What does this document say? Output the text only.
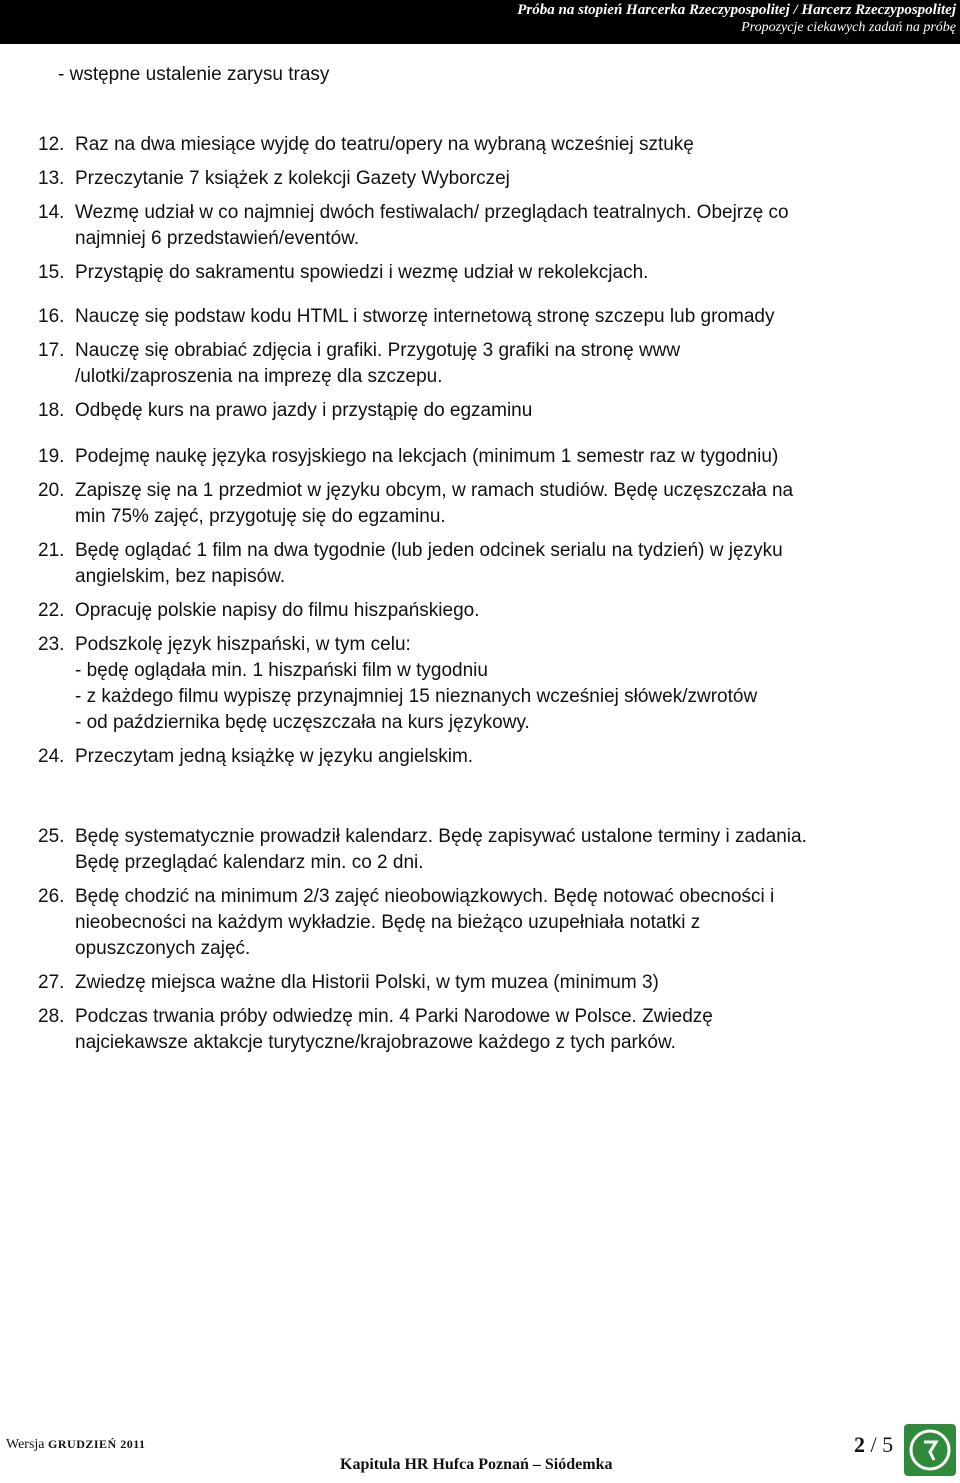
Próba na stopień Harcerka Rzeczypospolitej / Harcerz Rzeczypospolitej
Propozycje ciekawych zadań na próbę
- wstępne ustalenie zarysu trasy
12. Raz na dwa miesiące wyjdę do teatru/opery na wybraną wcześniej sztukę
13. Przeczytanie 7 książek z kolekcji Gazety Wyborczej
14. Wezmę udział w co najmniej dwóch festiwalach/ przeglądach teatralnych. Obejrzę co
najmniej 6 przedstawień/eventów.
15. Przystąpię do sakramentu spowiedzi i wezmę udział w rekolekcjach.
16. Nauczę się podstaw kodu HTML i stworzę internetową stronę szczepu lub gromady
17. Nauczę się obrabiać zdjęcia i grafiki. Przygotuję 3 grafiki na stronę www
/ulotki/zaproszenia na imprezę dla szczepu.
18. Odbędę kurs na prawo jazdy i przystąpię do egzaminu
19. Podejmę naukę języka rosyjskiego na lekcjach (minimum 1 semestr raz w tygodniu)
20. Zapiszę się na 1 przedmiot w języku obcym, w ramach studiów. Będę uczęszczała na
min 75% zajęć, przygotuję się do egzaminu.
21. Będę oglądać 1 film na dwa tygodnie (lub jeden odcinek serialu na tydzień) w języku
angielskim, bez napisów.
22. Opracuję polskie napisy do filmu hiszpańskiego.
23. Podszkolę język hiszpański, w tym celu:
- będę oglądała min. 1 hiszpański film w tygodniu
- z każdego filmu wypiszę przynajmniej 15 nieznanych wcześniej słówek/zwrotów
- od października będę uczęszczała na kurs językowy.
24. Przeczytam jedną książkę w języku angielskim.
25. Będę systematycznie prowadził kalendarz. Będę zapisywać ustalone terminy i zadania.
Będę przeglądać kalendarz min. co 2 dni.
26. Będę chodzić na minimum 2/3 zajęć nieobowiązkowych. Będę notować obecności i
nieobecności na każdym wykładzie. Będę na bieżąco uzupełniała notatki z
opuszczonych zajęć.
27. Zwiedzę miejsca ważne dla Historii Polski, w tym muzea (minimum 3)
28. Podczas trwania próby odwiedzę min. 4 Parki Narodowe w Polsce. Zwiedzę
najciekawsze aktakcje turytyczne/krajobrazowe każdego z tych parków.
Wersja GRUDZIEŃ 2011
Kapitula HR Hufca Poznań – Siódemka
2 / 5
